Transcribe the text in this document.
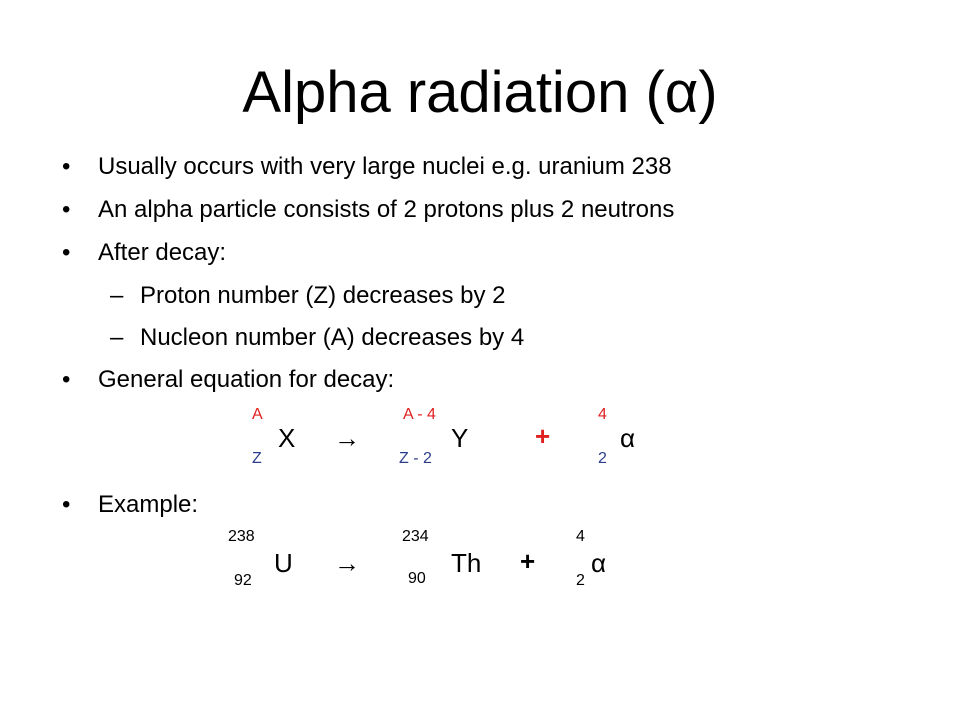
Alpha radiation (α)
• Usually occurs with very large nuclei e.g. uranium 238
• An alpha particle consists of 2 protons plus 2 neutrons
• After decay:
– Proton number (Z) decreases by 2
– Nucleon number (A) decreases by 4
• General equation for decay:
A
Z
X →
A - 4
Z - 2
Y	+
4
2
α
• Example:
238
92
U →
234
90
Th +
4
2
α
